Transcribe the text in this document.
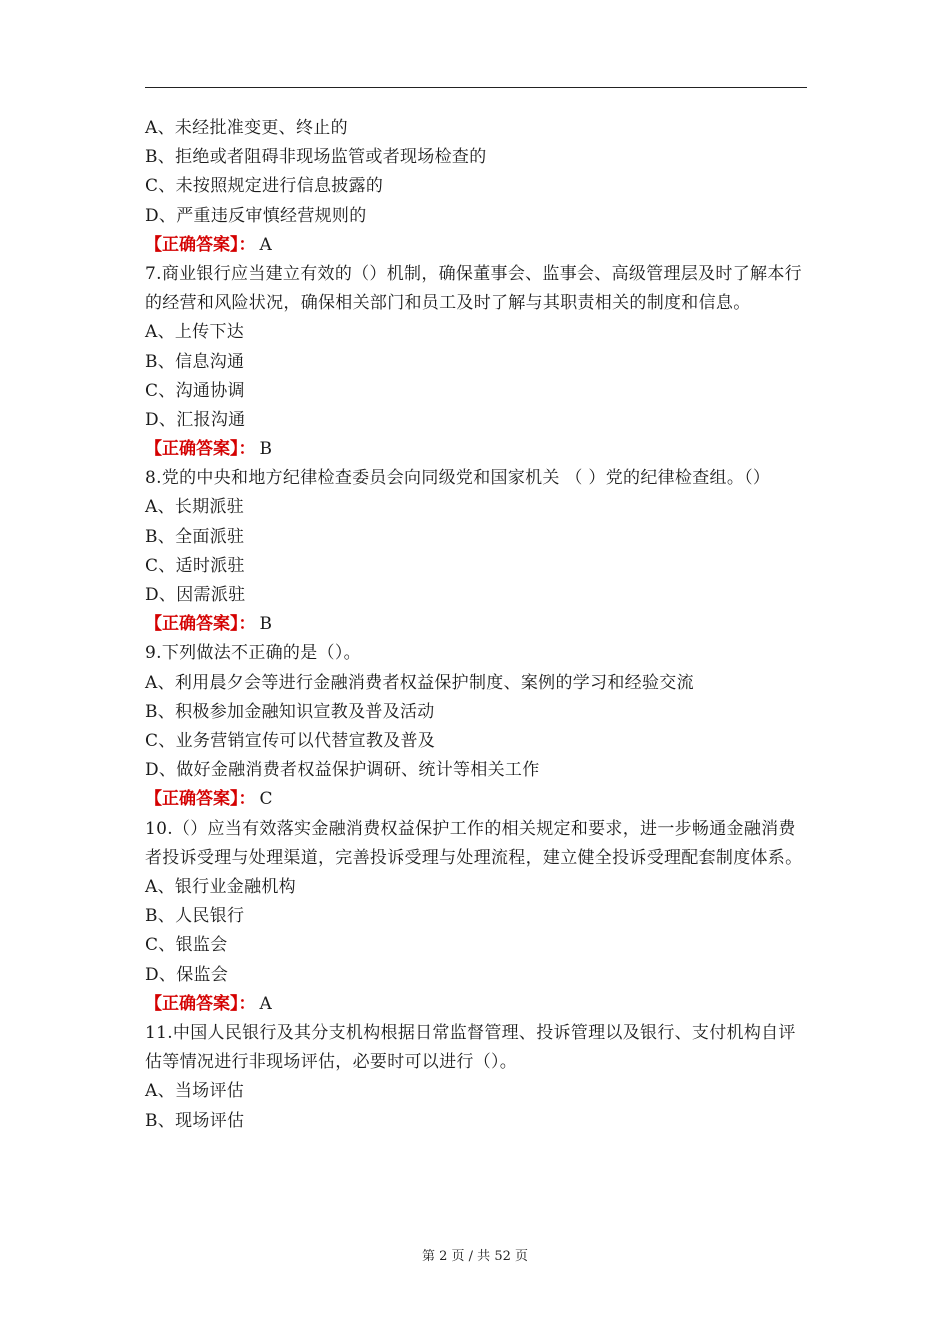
A、未经批准变更、终止的
B、拒绝或者阻碍非现场监管或者现场检查的
C、未按照规定进行信息披露的
D、严重违反审慎经营规则的
【正确答案】： A
7.商业银行应当建立有效的（）机制，确保董事会、监事会、高级管理层及时了解本行的经营和风险状况，确保相关部门和员工及时了解与其职责相关的制度和信息。
A、上传下达
B、信息沟通
C、沟通协调
D、汇报沟通
【正确答案】： B
8.党的中央和地方纪律检查委员会向同级党和国家机关 （ ）党的纪律检查组。（）
A、长期派驻
B、全面派驻
C、适时派驻
D、因需派驻
【正确答案】： B
9.下列做法不正确的是（）。
A、利用晨夕会等进行金融消费者权益保护制度、案例的学习和经验交流
B、积极参加金融知识宣教及普及活动
C、业务营销宣传可以代替宣教及普及
D、做好金融消费者权益保护调研、统计等相关工作
【正确答案】： C
10.（）应当有效落实金融消费权益保护工作的相关规定和要求，进一步畅通金融消费者投诉受理与处理渠道，完善投诉受理与处理流程，建立健全投诉受理配套制度体系。
A、银行业金融机构
B、人民银行
C、银监会
D、保监会
【正确答案】： A
11.中国人民银行及其分支机构根据日常监督管理、投诉管理以及银行、支付机构自评估等情况进行非现场评估，必要时可以进行（）。
A、当场评估
B、现场评估
第 2 页 / 共 52 页
